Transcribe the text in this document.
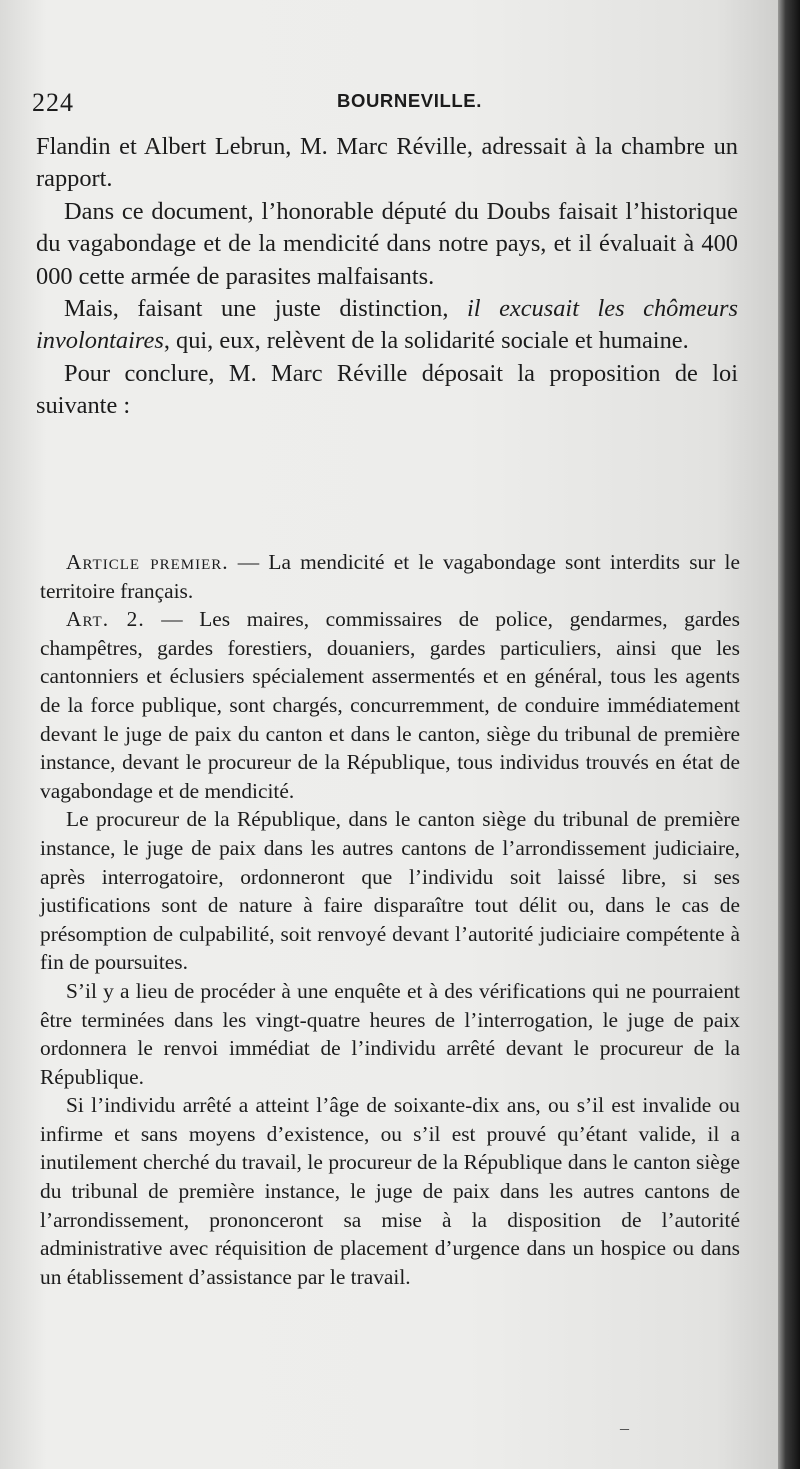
224	BOURNEVILLE.

Flandin et Albert Lebrun, M. Marc Réville, adressait à la chambre un rapport.

Dans ce document, l’honorable député du Doubs faisait l’historique du vagabondage et de la mendicité dans notre pays, et il évaluait à 400 000 cette armée de parasites malfaisants.

Mais, faisant une juste distinction, il excusait les chômeurs involontaires, qui, eux, relèvent de la solidarité sociale et humaine.

Pour conclure, M. Marc Réville déposait la proposition de loi suivante :

Article premier. — La mendicité et le vagabondage sont interdits sur le territoire français.

Art. 2. — Les maires, commissaires de police, gendarmes, gardes champêtres, gardes forestiers, douaniers, gardes particuliers, ainsi que les cantonniers et éclusiers spécialement assermentés et en général, tous les agents de la force publique, sont chargés, concurremment, de conduire immédiatement devant le juge de paix du canton et dans le canton, siège du tribunal de première instance, devant le procureur de la République, tous individus trouvés en état de vagabondage et de mendicité.

Le procureur de la République, dans le canton siège du tribunal de première instance, le juge de paix dans les autres cantons de l’arrondissement judiciaire, après interrogatoire, ordonneront que l’individu soit laissé libre, si ses justifications sont de nature à faire disparaître tout délit ou, dans le cas de présomption de culpabilité, soit renvoyé devant l’autorité judiciaire compétente à fin de poursuites.

S’il y a lieu de procéder à une enquête et à des vérifications qui ne pourraient être terminées dans les vingt-quatre heures de l’interrogation, le juge de paix ordonnera le renvoi immédiat de l’individu arrêté devant le procureur de la République.

Si l’individu arrêté a atteint l’âge de soixante-dix ans, ou s’il est invalide ou infirme et sans moyens d’existence, ou s’il est prouvé qu’étant valide, il a inutilement cherché du travail, le procureur de la République dans le canton siège du tribunal de première instance, le juge de paix dans les autres cantons de l’arrondissement, prononceront sa mise à la disposition de l’autorité administrative avec réquisition de placement d’urgence dans un hospice ou dans un établissement d’assistance par le travail.

–
